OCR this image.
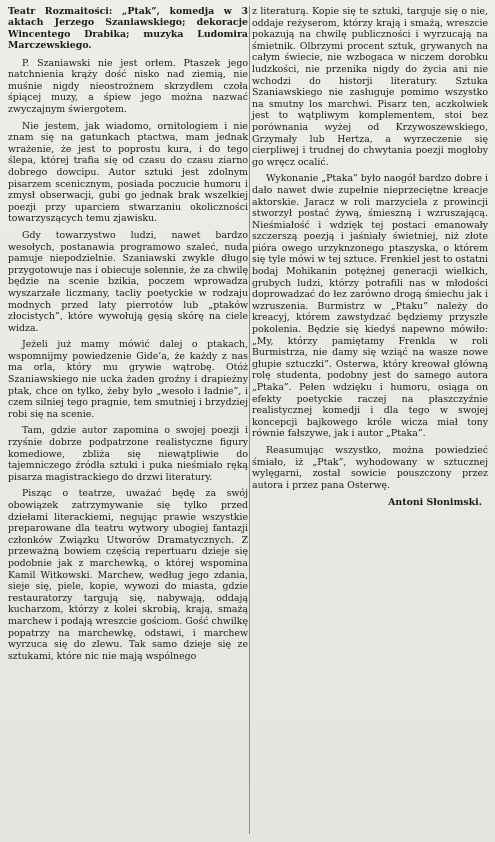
Teatr Rozmaitości: „Ptak”, komedja w 3 aktach Jerzego Szaniawskiego; dekoracje Wincentego Drabika; muzyka Ludomira Marczewskiego.

P. Szaniawski nie jest orłem. Ptaszek jego natchnienia krąży dość nisko nad ziemią, nie muśnie nigdy nieostrożnem skrzydłem czoła śpiącej muzy, a śpiew jego można nazwać zwyczajnym świergotem.

Nie jestem, jak wiadomo, ornitologiem i nie znam się na gatunkach ptactwa, mam jednak wrażenie, że jest to poprostu kura, i do tego ślepa, której trafia się od czasu do czasu ziarno dobrego dowcipu. Autor sztuki jest zdolnym pisarzem scenicznym, posiada poczucie humoru i zmysł obserwacji, gubi go jednak brak wszelkiej poezji przy uparciem stwarzaniu okoliczności towarzyszących temu zjawisku.

Gdy towarzystwo ludzi, nawet bardzo wesołych, postanawia programowo szaleć, nuda pamuje niepodzielnie. Szaniawski zwykle długo przygotowuje nas i obiecuje solennie, że za chwilę będzie na scenie bzikia, poczem wprowadza wyszarzałe liczmany, tacliy poetyckie w rodzaju modnych przed laty pierrotów lub „ptaków złocistych”, które wywołują gęsią skórę na ciele widza.

Jeżeli już mamy mówić dalej o ptakach, wspomnijmy powiedzenie Gide’a, że każdy z nas ma orla, który mu grywie wątrobę. Otóż Szaniawskiego nie ucka żaden groźny i drapieżny ptak, chce on tylko, żeby było „wesoło i ładnie”, i czem silniej tego pragnie, tem smutniej i brzydziej robi się na scenie.

Tam, gdzie autor zapomina o swojej poezji i rzyśnie dobrze podpatrzone realistyczne figury komediowe, zbliża się niewątpliwie do tajemniczego źródła sztuki i puka nieśmiało ręką pisarza magistrackiego do drzwi literatury.

Pisząc o teatrze, uważać będę za swój obowiązek zatrzymywanie się tylko przed dziełami literackiemi, negując prawie wszystkie preparowane dla teatru wytwory ubogiej fantazji członków Związku Utworów Dramatycznych. Z przeważną bowiem częścią repertuaru dzieje się podobnie jak z marchewką, o której wspomina Kamil Witkowski. Marchew, według jego zdania, sieje się, piele, kopie, wywozi do miasta, gdzie restauratorzy targują się, nabywają, oddają kucharzom, którzy z kolei skrobią, krają, smażą marchew i podają wreszcie gościom. Gość chwilkę popatrzy na marchewkę, odstawi, i marchew wyrzuca się do zlewu. Tak samo dzieje się ze sztukami, które nic nie mają wspólnego

z literaturą. Kopie się te sztuki, targuje się o nie, oddaje reżyserom, którzy krają i smażą, wreszcie pokazują na chwilę publiczności i wyrzucają na śmietnik. Olbrzymi procent sztuk, grywanych na całym świecie, nie wzbogaca w niczem dorobku ludzkości, nie przenika nigdy do życia ani nie wchodzi do historji literatury. Sztuka Szaniawskiego nie zasługuje pomimo wszystko na smutny los marchwi. Pisarz ten, aczkolwiek jest to wątpliwym komplementem, stoi bez porównania wyżej od Krzywoszewskiego, Grzymały lub Hertza, a wyrzeczenie się cierpliwej i trudnej do chwytania poezji mogłoby go wręcz ocalić.

Wykonanie „Ptaka” było naogół bardzo dobre i dało nawet dwie zupełnie nieprzeciętne kreacje aktorskie. Jaracz w roli marzyciela z prowincji stworzył postać żywą, śmieszną i wzruszającą. Nieśmiałość i wdzięk tej postaci emanowały szczerszą poezją i jaśniały świetniej, niż złote pióra owego urzyknzonego ptaszyska, o którem się tyle mówi w tej sztuce. Frenkiel jest to ostatni bodaj Mohikanin potężnej generacji wielkich, grubych ludzi, którzy potrafili nas w młodości doprowadzać do łez zarówno drogą śmiechu jak i wzruszenia. Burmistrz w „Ptaku” należy do kreacyj, którem zawstydzać będziemy przyszłe pokolenia. Będzie się kiedyś napewno mówiło: „My, którzy pamiętamy Frenkla w roli Burmistrza, nie damy się wziąć na wasze nowe głupie sztuczki”. Osterwa, który kreował główną rolę studenta, podobny jest do samego autora „Ptaka”. Pełen wdzięku i humoru, osiąga on efekty poetyckie raczej na płaszczyźnie realistycznej komedji i dla tego w swojej koncepcji bajkowego króle wicza miał tony równie fałszywe, jak i autor „Ptaka”.

Reasumując wszystko, można powiedzieć śmiało, iż „Ptak”, wyhodowany w sztucznej wylęgarni, został sowicie pouszczony przez autora i przez pana Osterwę.

Antoni Słonimski.
